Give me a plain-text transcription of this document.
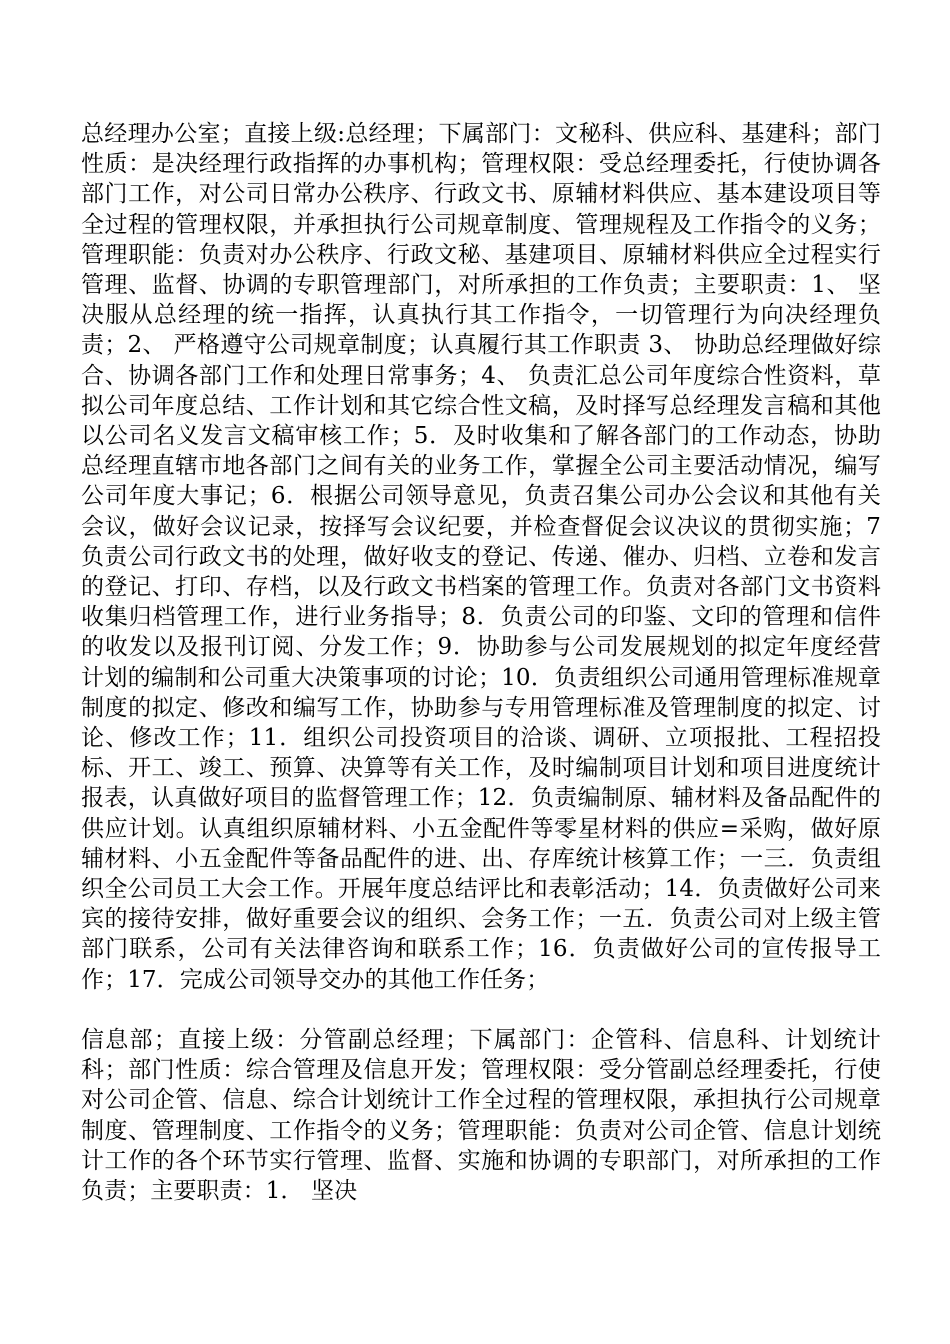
总经理办公室；直接上级:总经理；下属部门：文秘科、供应科、基建科；部门性质：是决经理行政指挥的办事机构；管理权限：受总经理委托，行使协调各部门工作，对公司日常办公秩序、行政文书、原辅材料供应、基本建设项目等全过程的管理权限，并承担执行公司规章制度、管理规程及工作指令的义务；管理职能：负责对办公秩序、行政文秘、基建项目、原辅材料供应全过程实行管理、监督、协调的专职管理部门，对所承担的工作负责；主要职责：1、 坚决服从总经理的统一指挥，认真执行其工作指令，一切管理行为向决经理负责；2、 严格遵守公司规章制度；认真履行其工作职责 3、 协助总经理做好综合、协调各部门工作和处理日常事务；4、 负责汇总公司年度综合性资料，草拟公司年度总结、工作计划和其它综合性文稿，及时择写总经理发言稿和其他以公司名义发言文稿审核工作；5．及时收集和了解各部门的工作动态，协助总经理直辖市地各部门之间有关的业务工作，掌握全公司主要活动情况，编写公司年度大事记；6．根据公司领导意见，负责召集公司办公会议和其他有关会议，做好会议记录，按择写会议纪要，并检查督促会议决议的贯彻实施；7 负责公司行政文书的处理，做好收支的登记、传递、催办、归档、立卷和发言的登记、打印、存档，以及行政文书档案的管理工作。负责对各部门文书资料收集归档管理工作，进行业务指导；8．负责公司的印鉴、文印的管理和信件的收发以及报刊订阅、分发工作；9．协助参与公司发展规划的拟定年度经营计划的编制和公司重大决策事项的讨论；10．负责组织公司通用管理标准规章制度的拟定、修改和编写工作，协助参与专用管理标准及管理制度的拟定、讨论、修改工作；11．组织公司投资项目的洽谈、调研、立项报批、工程招投标、开工、竣工、预算、决算等有关工作，及时编制项目计划和项目进度统计报表，认真做好项目的监督管理工作；12．负责编制原、辅材料及备品配件的供应计划。认真组织原辅材料、小五金配件等零星材料的供应=采购，做好原辅材料、小五金配件等备品配件的进、出、存库统计核算工作；一三．负责组织全公司员工大会工作。开展年度总结评比和表彰活动；14．负责做好公司来宾的接待安排，做好重要会议的组织、会务工作；一五．负责公司对上级主管部门联系，公司有关法律咨询和联系工作；16．负责做好公司的宣传报导工作；17．完成公司领导交办的其他工作任务；

信息部；直接上级：分管副总经理；下属部门：企管科、信息科、计划统计科；部门性质：综合管理及信息开发；管理权限：受分管副总经理委托，行使对公司企管、信息、综合计划统计工作全过程的管理权限，承担执行公司规章制度、管理制度、工作指令的义务；管理职能：负责对公司企管、信息计划统计工作的各个环节实行管理、监督、实施和协调的专职部门，对所承担的工作负责；主要职责：1． 坚决
